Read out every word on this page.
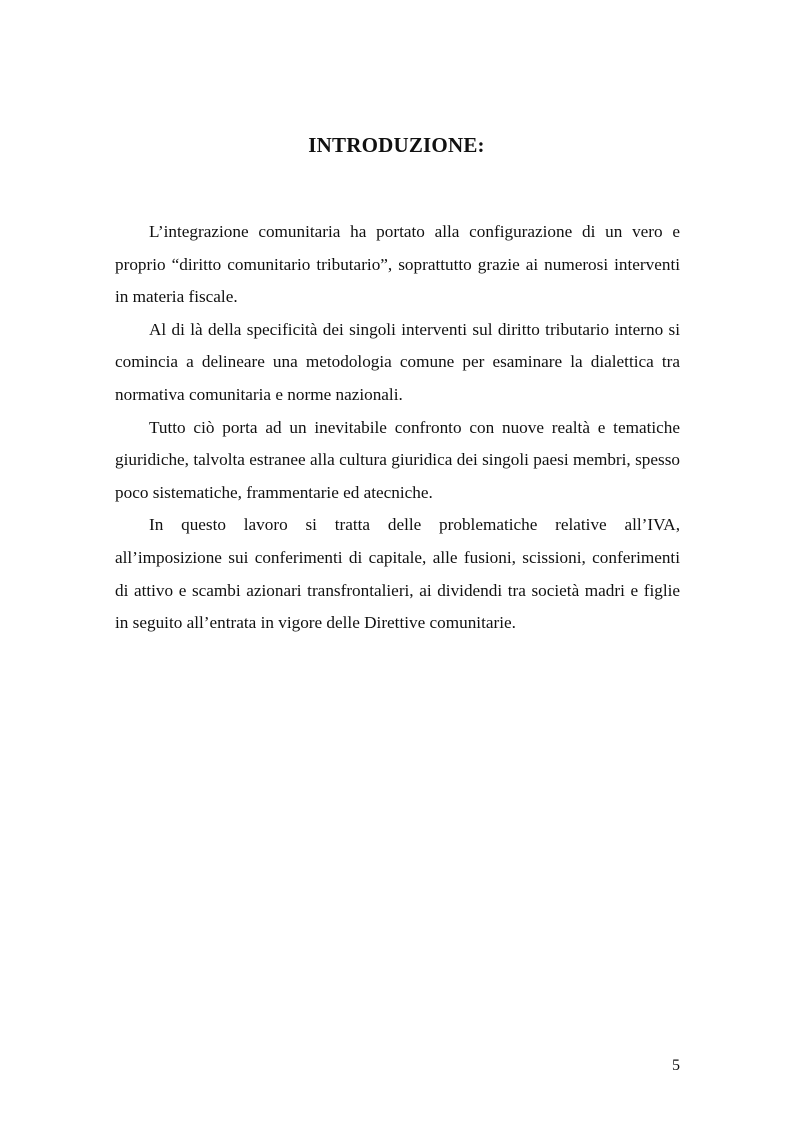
INTRODUZIONE:

L’integrazione comunitaria ha portato alla configurazione di un vero e proprio “diritto comunitario tributario”, soprattutto grazie ai numerosi interventi in materia fiscale.

Al di là della specificità dei singoli interventi sul diritto tributario interno si comincia a delineare una metodologia comune per esaminare la dialettica tra normativa comunitaria e norme nazionali.

Tutto ciò porta ad un inevitabile confronto con nuove realtà e tematiche giuridiche, talvolta estranee alla cultura giuridica dei singoli paesi membri, spesso poco sistematiche, frammentarie ed atecniche.

In questo lavoro si tratta delle problematiche relative all’IVA, all’imposizione sui conferimenti di capitale, alle fusioni, scissioni, conferimenti di attivo e scambi azionari transfrontalieri, ai dividendi tra società madri e figlie in seguito all’entrata in vigore delle Direttive comunitarie.

5
